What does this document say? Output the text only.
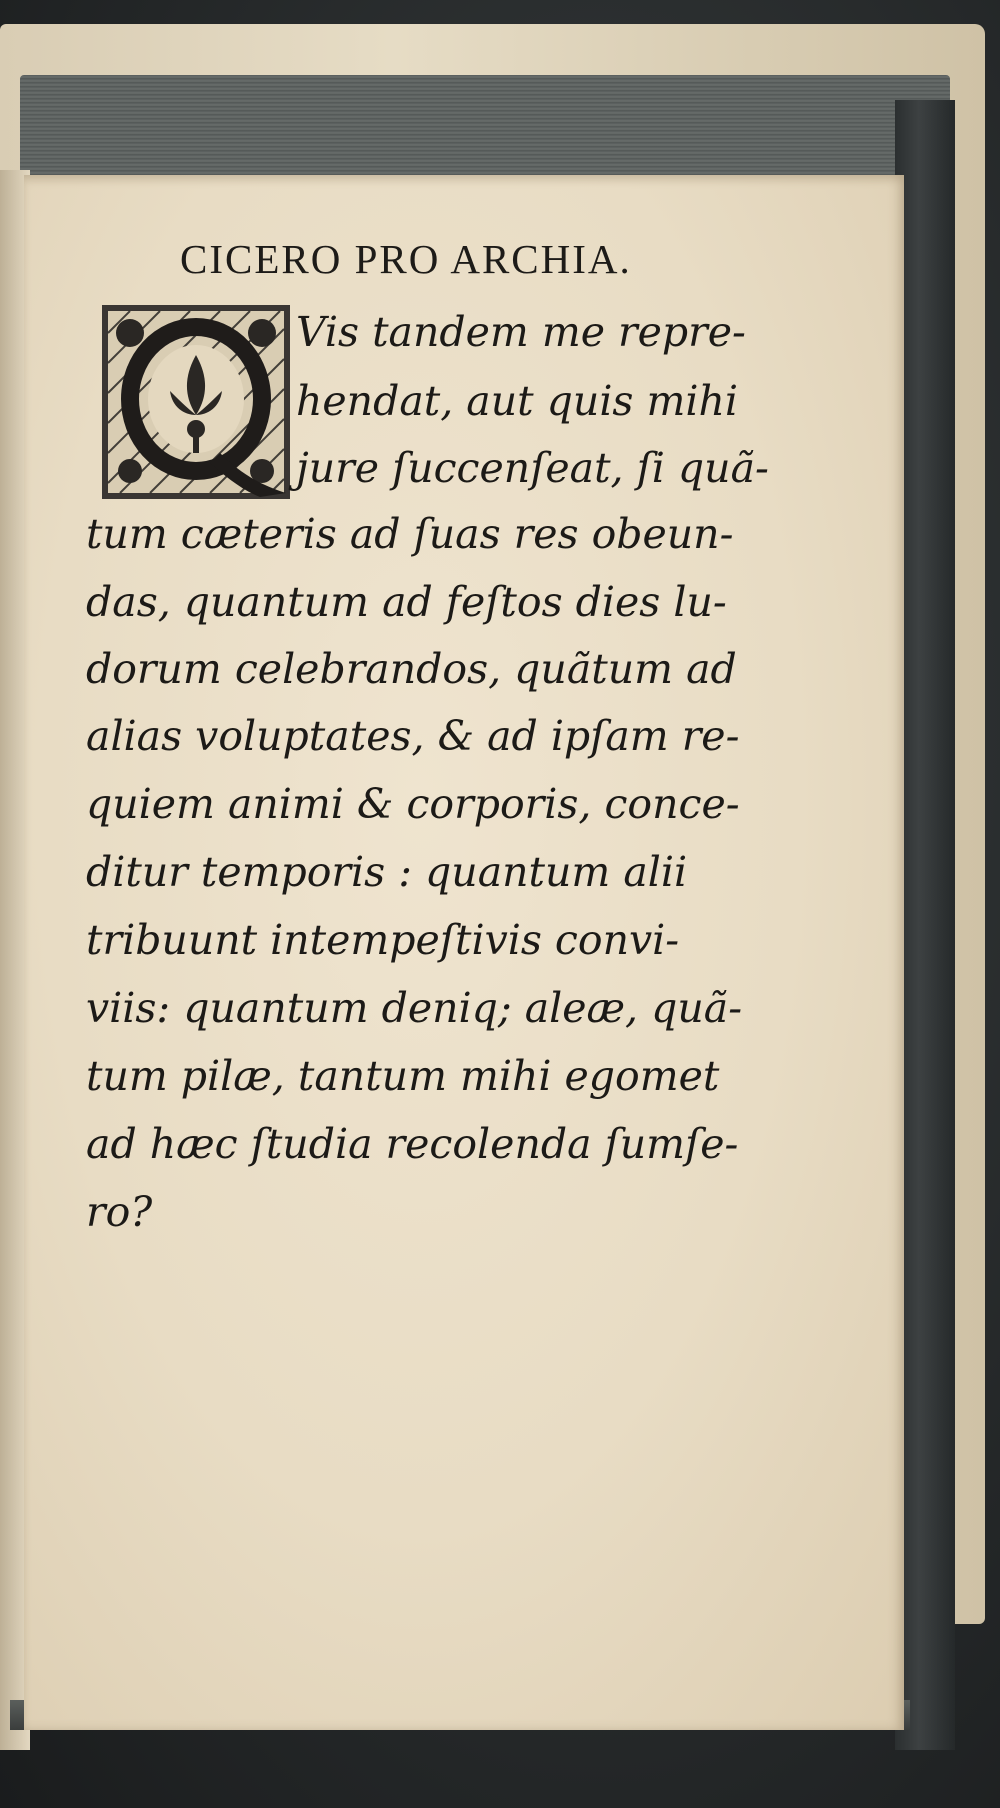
CICERO PRO ARCHIA.
Vis tandem me repre-
hendat, aut quis mihi
jure ſuccenſeat, ſi quã-
tum cæteris ad ſuas res obeun-
das, quantum ad feſtos dies lu-
dorum celebrandos, quãtum ad
alias voluptates, & ad ipſam re-
quiem animi & corporis, conce-
ditur temporis : quantum alii
tribuunt intempeſtivis convi-
viis: quantum deniq; aleæ, quã-
tum pilæ, tantum mihi egomet
ad hæc ſtudia recolenda ſumſe-
ro?
